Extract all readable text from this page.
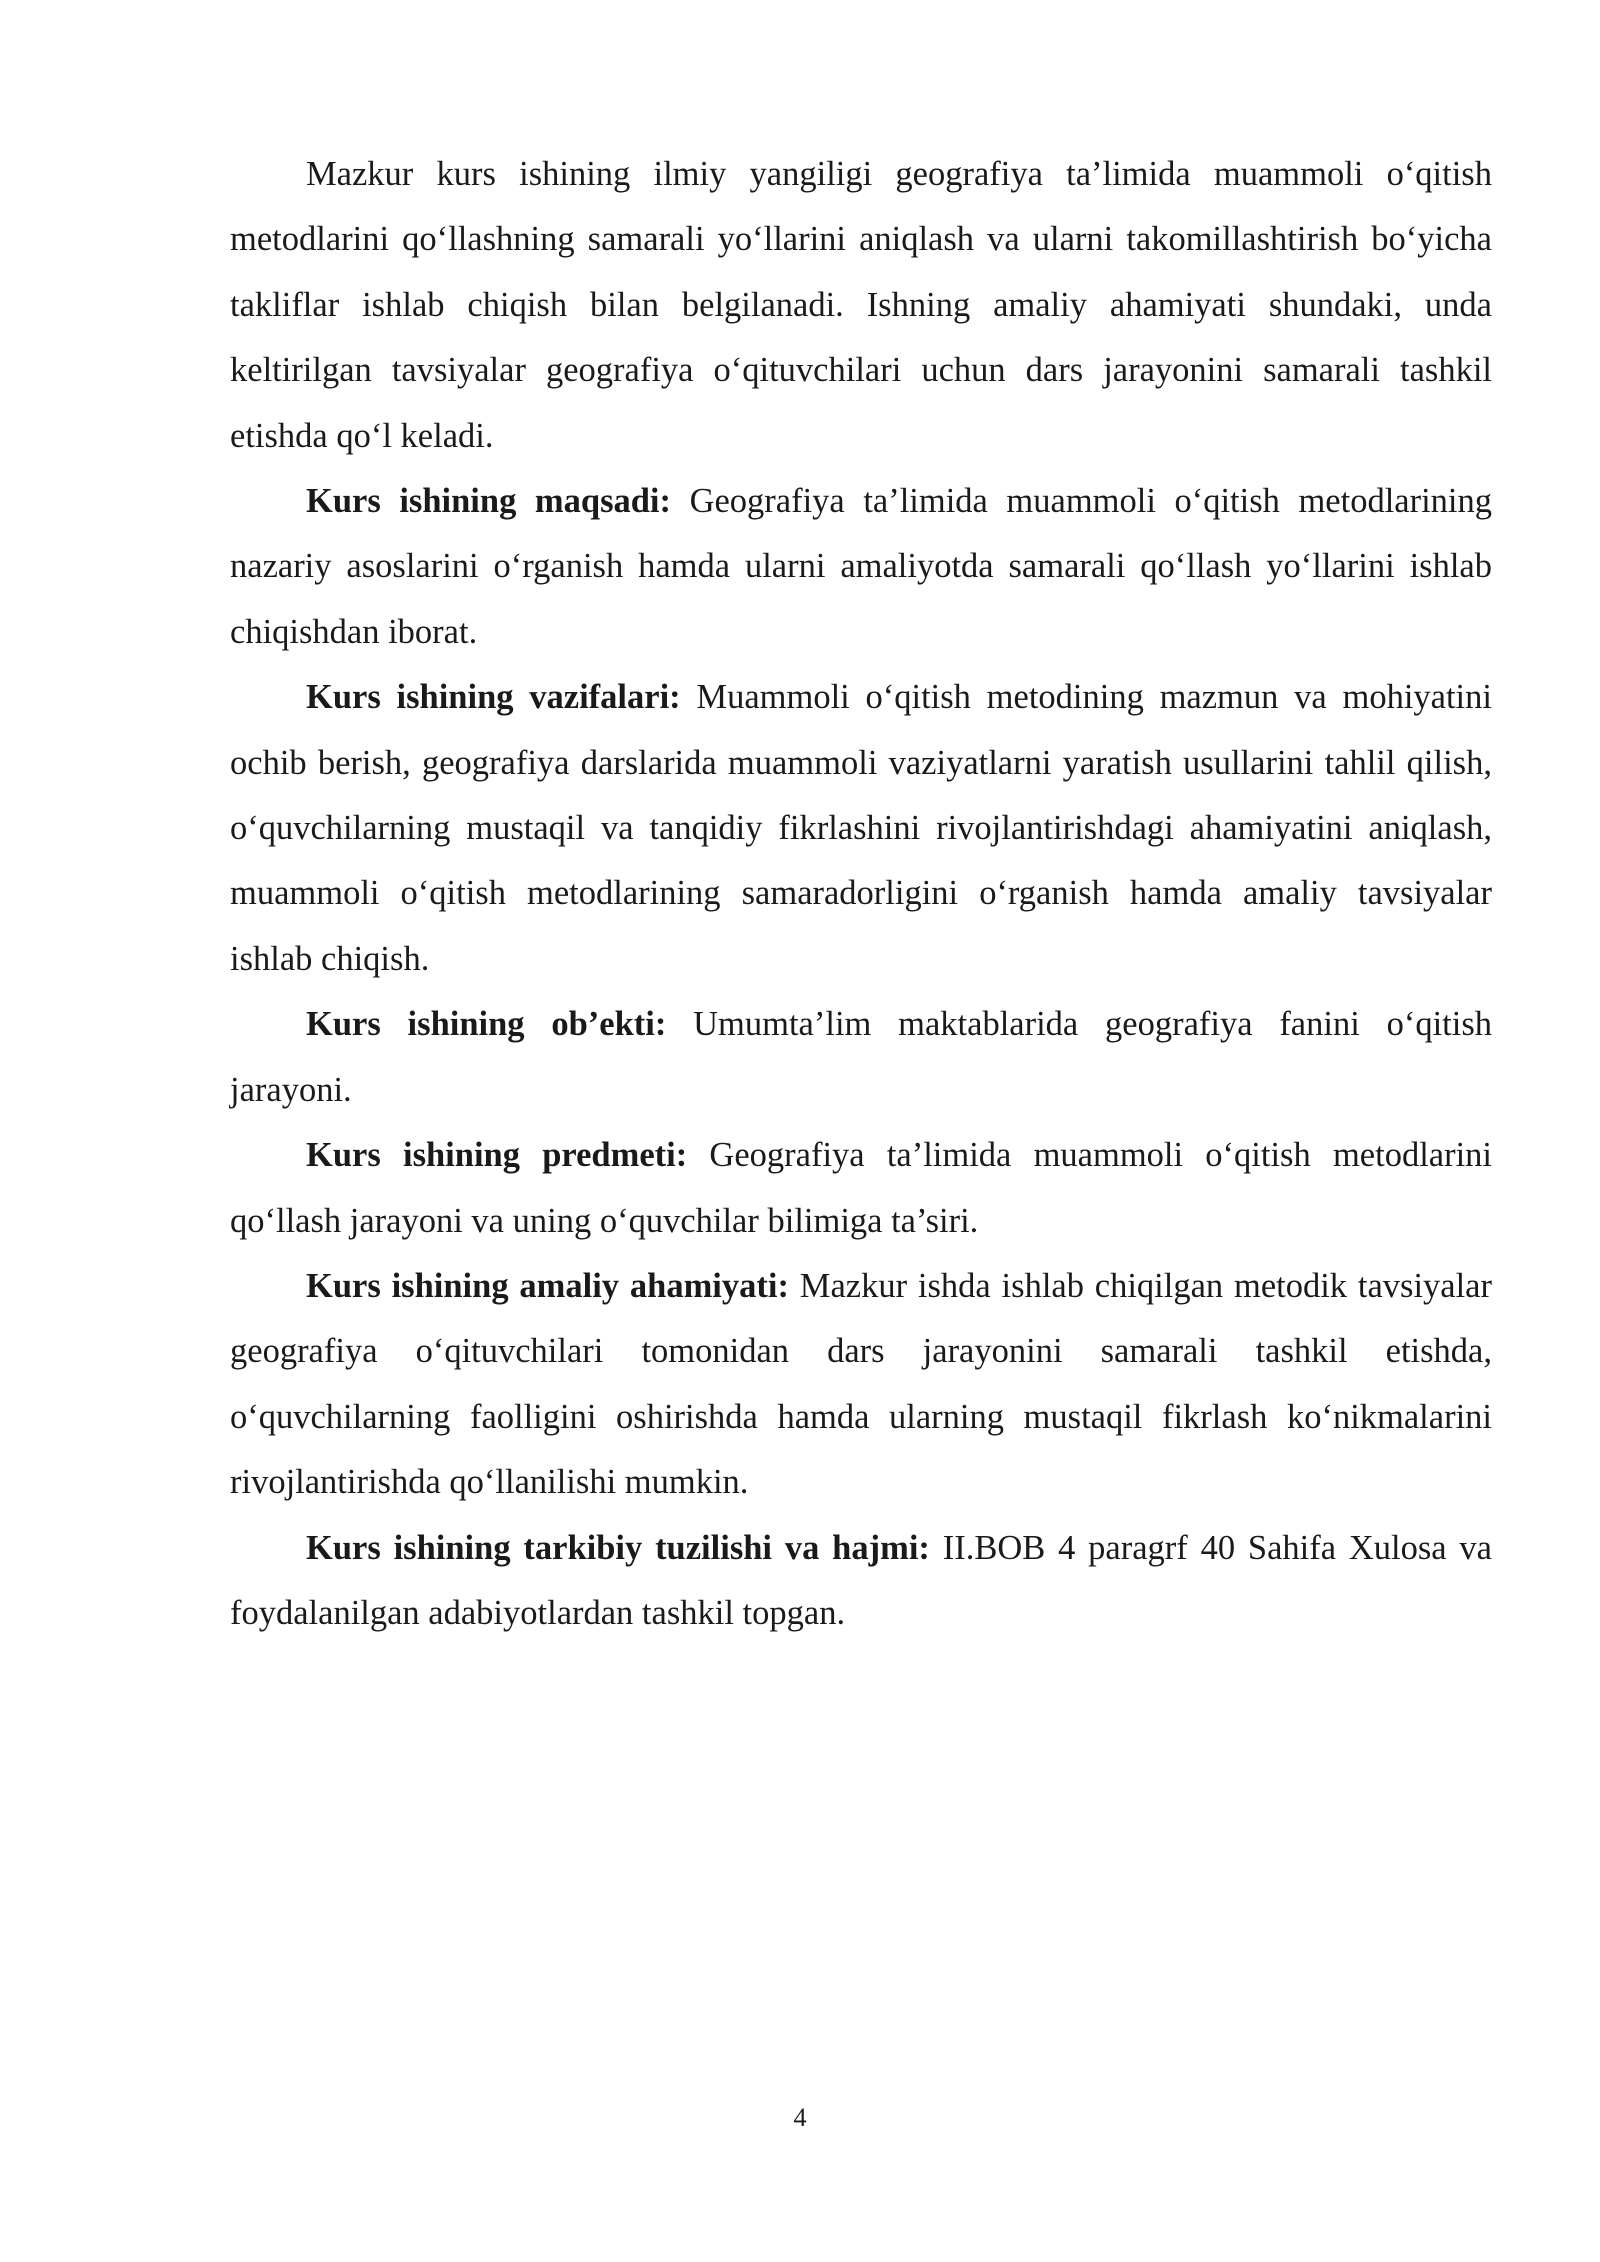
Mazkur kurs ishining ilmiy yangiligi geografiya ta’limida muammoli o‘qitish metodlarini qo‘llashning samarali yo‘llarini aniqlash va ularni takomillashtirish bo‘yicha takliflar ishlab chiqish bilan belgilanadi. Ishning amaliy ahamiyati shundaki, unda keltirilgan tavsiyalar geografiya o‘qituvchilari uchun dars jarayonini samarali tashkil etishda qo‘l keladi.

Kurs ishining maqsadi: Geografiya ta’limida muammoli o‘qitish metodlarining nazariy asoslarini o‘rganish hamda ularni amaliyotda samarali qo‘llash yo‘llarini ishlab chiqishdan iborat.

Kurs ishining vazifalari: Muammoli o‘qitish metodining mazmun va mohiyatini ochib berish, geografiya darslarida muammoli vaziyatlarni yaratish usullarini tahlil qilish, o‘quvchilarning mustaqil va tanqidiy fikrlashini rivojlantirishdagi ahamiyatini aniqlash, muammoli o‘qitish metodlarining samaradorligini o‘rganish hamda amaliy tavsiyalar ishlab chiqish.

Kurs ishining ob’ekti: Umumta’lim maktablarida geografiya fanini o‘qitish jarayoni.

Kurs ishining predmeti: Geografiya ta’limida muammoli o‘qitish metodlarini qo‘llash jarayoni va uning o‘quvchilar bilimiga ta’siri.

Kurs ishining amaliy ahamiyati: Mazkur ishda ishlab chiqilgan metodik tavsiyalar geografiya o‘qituvchilari tomonidan dars jarayonini samarali tashkil etishda, o‘quvchilarning faolligini oshirishda hamda ularning mustaqil fikrlash ko‘nikmalarini rivojlantirishda qo‘llanilishi mumkin.

Kurs ishining tarkibiy tuzilishi va hajmi: II.BOB 4 paragrf 40 Sahifa Xulosa va foydalanilgan adabiyotlardan tashkil topgan.

4
